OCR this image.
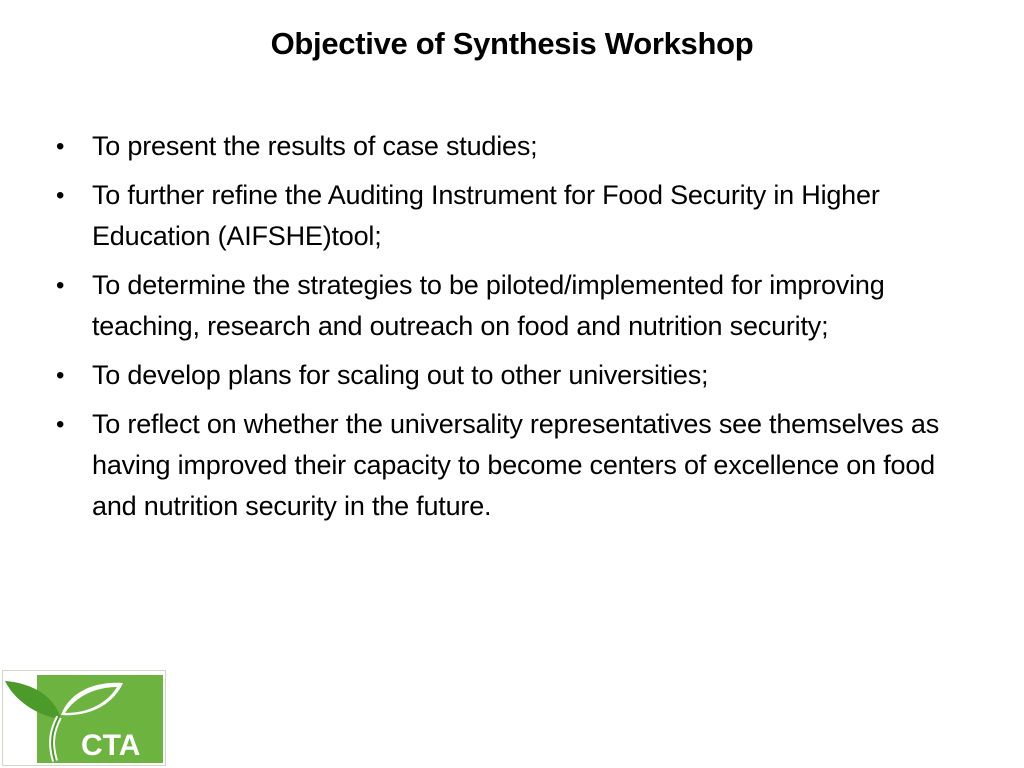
Objective of Synthesis Workshop
•	To present the results of case studies;
•	To further refine the Auditing Instrument for Food Security in Higher Education (AIFSHE)tool;
•	To determine the strategies to be piloted/implemented for improving teaching, research and outreach on food and nutrition security;
•	To develop plans for scaling out to other universities;
•	To reflect on whether the universality representatives see themselves as having improved their capacity to become centers of excellence on food and nutrition security in the future.
CTA
